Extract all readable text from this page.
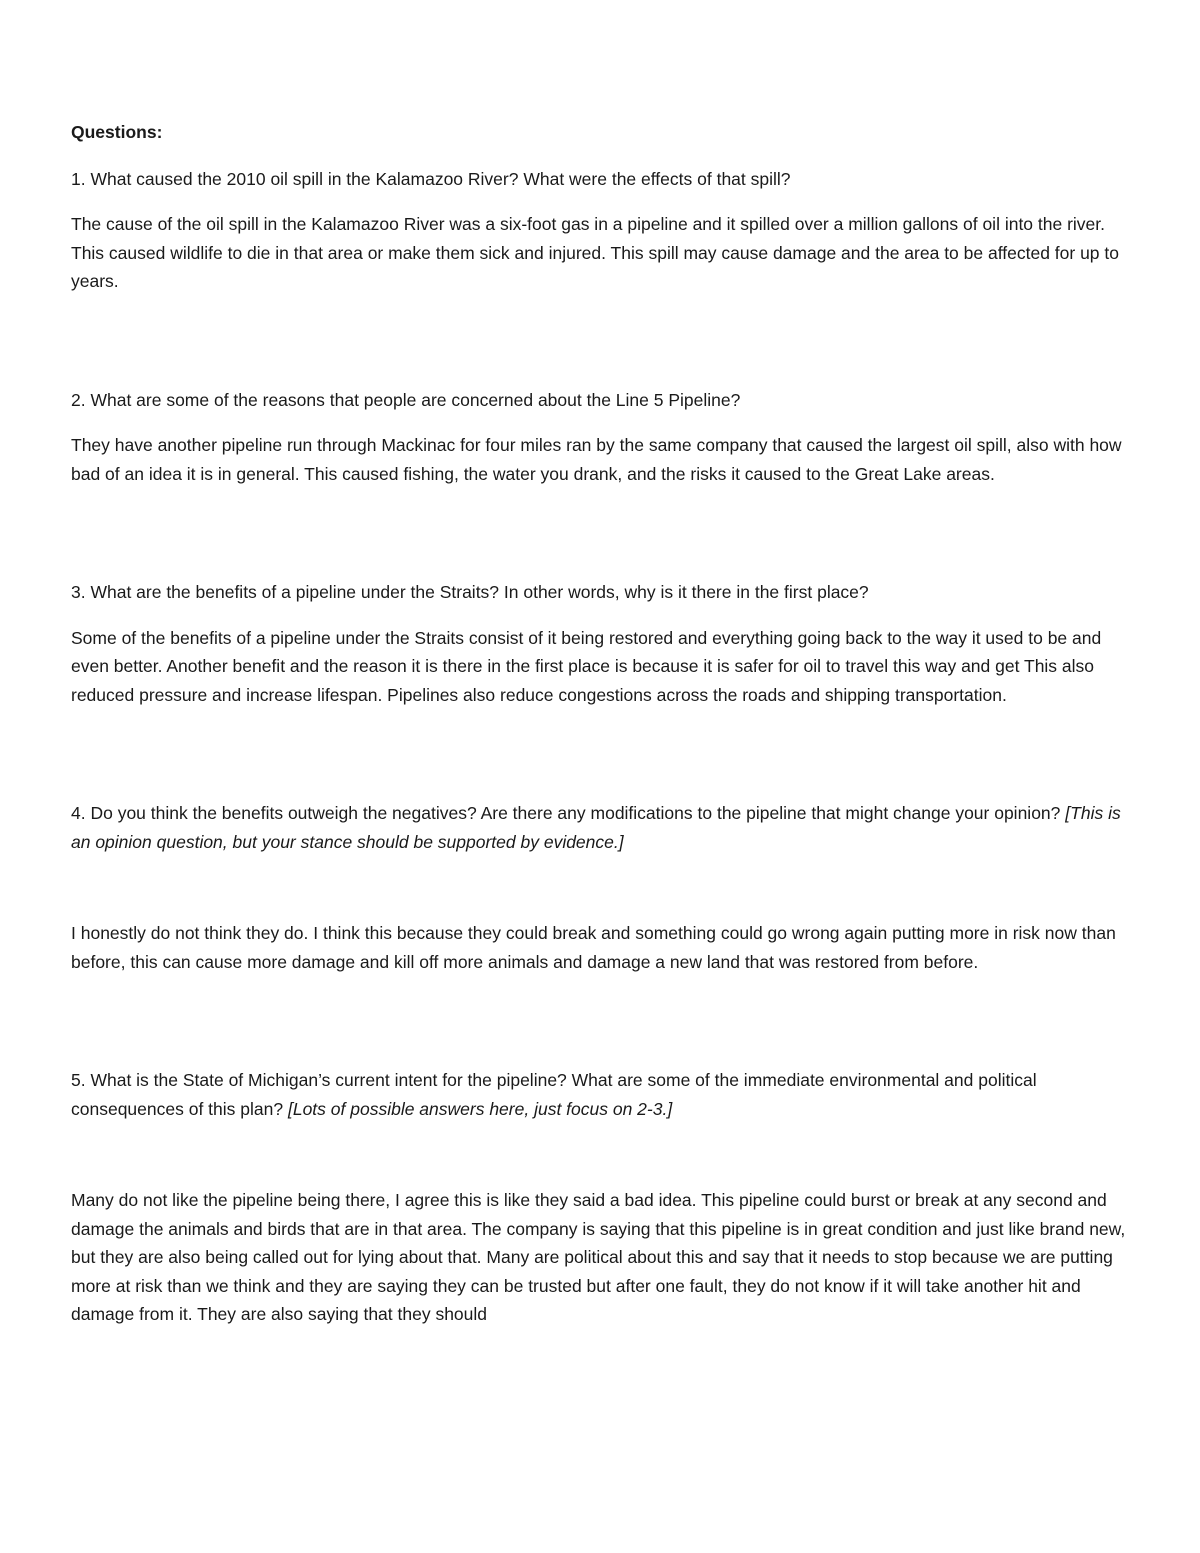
Questions:

1. What caused the 2010 oil spill in the Kalamazoo River? What were the effects of that spill?

The cause of the oil spill in the Kalamazoo River was a six-foot gas in a pipeline and it spilled over a million gallons of oil into the river. This caused wildlife to die in that area or make them sick and injured. This spill may cause damage and the area to be affected for up to years.

2. What are some of the reasons that people are concerned about the Line 5 Pipeline?

They have another pipeline run through Mackinac for four miles ran by the same company that caused the largest oil spill, also with how bad of an idea it is in general. This caused fishing, the water you drank, and the risks it caused to the Great Lake areas.

3. What are the benefits of a pipeline under the Straits? In other words, why is it there in the first place?

Some of the benefits of a pipeline under the Straits consist of it being restored and everything going back to the way it used to be and even better. Another benefit and the reason it is there in the first place is because it is safer for oil to travel this way and get This also reduced pressure and increase lifespan. Pipelines also reduce congestions across the roads and shipping transportation.

4. Do you think the benefits outweigh the negatives? Are there any modifications to the pipeline that might change your opinion? [This is an opinion question, but your stance should be supported by evidence.]

I honestly do not think they do. I think this because they could break and something could go wrong again putting more in risk now than before, this can cause more damage and kill off more animals and damage a new land that was restored from before.

5. What is the State of Michigan’s current intent for the pipeline? What are some of the immediate environmental and political consequences of this plan? [Lots of possible answers here, just focus on 2-3.]

Many do not like the pipeline being there, I agree this is like they said a bad idea. This pipeline could burst or break at any second and damage the animals and birds that are in that area. The company is saying that this pipeline is in great condition and just like brand new, but they are also being called out for lying about that. Many are political about this and say that it needs to stop because we are putting more at risk than we think and they are saying they can be trusted but after one fault, they do not know if it will take another hit and damage from it. They are also saying that they should
